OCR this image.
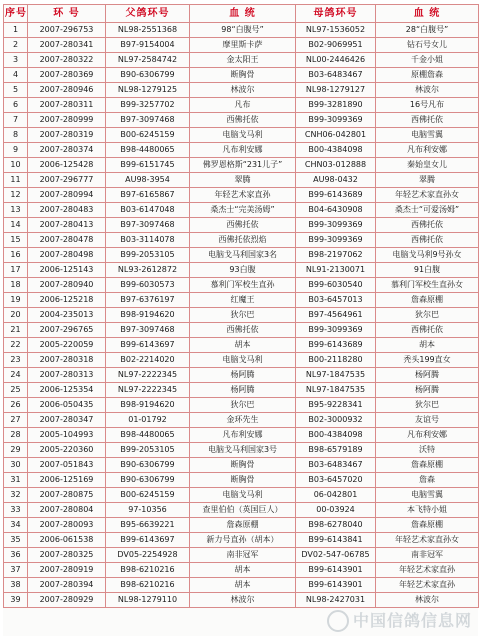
序号	环 号	父鸽环号	血 统	母鸽环号	血 统
1	2007-296753	NL98-2551368	98“白腹号”	NL97-1536052	28“白腹号”
2	2007-280341	B97-9154004	摩里斯卡萨	B02-9069951	钻石号女儿
3	2007-280322	NL97-2584742	金太阳王	NL00-2446426	千金小姐
4	2007-280369	B90-6306799	断胸骨	B03-6483467	原棚詹森
5	2007-280946	NL98-1279125	林波尔	NL98-1279127	林波尔
6	2007-280311	B99-3257702	凡布	B99-3281890	16号凡布
7	2007-280999	B97-3097468	西佛托依	B99-3099369	西佛托依
8	2007-280319	B00-6245159	电脑戈马利	CNH06-042801	电脑雪翼
9	2007-280374	B98-4480065	凡布利安娜	B00-4384098	凡布利安娜
10	2006-125428	B99-6151745	佛罗恩格斯“231儿子”	CHN03-012888	秦始皇女儿
11	2007-296777	AU98-3954	翠腾	AU98-0432	翠腾
12	2007-280994	B97-6165867	年轻艺术家直孙	B99-6143689	年轻艺术家直孙女
13	2007-280483	B03-6147048	桑杰士“完美汤姆”	B04-6430908	桑杰士“可爱汤姆”
14	2007-280413	B97-3097468	西佛托依	B99-3099369	西佛托依
15	2007-280478	B03-3114078	西佛托依烈焰	B99-3099369	西佛托依
16	2007-280498	B99-2053105	电脑戈马利国家3名	B98-2197062	电脑戈马利9号孙女
17	2006-125143	NL93-2612872	93白腹	NL91-2130071	91白腹
18	2007-280940	B99-6030573	慕利门军校生直孙	B99-6030540	慕利门军校生直孙女
19	2006-125218	B97-6376197	红魔王	B03-6457013	詹森原棚
20	2004-235013	B98-9194620	狄尔巴	B97-4564961	狄尔巴
21	2007-296765	B97-3097468	西佛托依	B99-3099369	西佛托依
22	2005-220059	B99-6143697	胡本	B99-6143689	胡本
23	2007-280318	B02-2214020	电脑戈马利	B00-2118280	秃头199直女
24	2007-280313	NL97-2222345	杨阿腾	NL97-1847535	杨阿腾
25	2006-125354	NL97-2222345	杨阿腾	NL97-1847535	杨阿腾
26	2006-050435	B98-9194620	狄尔巴	B95-9228341	狄尔巴
27	2007-280347	01-01792	金环先生	B02-3000932	友谊号
28	2005-104993	B98-4480065	凡布利安娜	B00-4384098	凡布利安娜
29	2005-220360	B99-2053105	电脑戈马利国家3号	B98-6579189	沃特
30	2007-051843	B90-6306799	断胸骨	B03-6483467	詹森原棚
31	2006-125169	B90-6306799	断胸骨	B03-6457020	詹森
32	2007-280875	B00-6245159	电脑戈马利	06-042801	电脑雪翼
33	2007-280804	97-10356	查里伯伯（英国巨人）	00-03924	本飞特小姐
34	2007-280093	B95-6639221	詹森原棚	B98-6278040	詹森原棚
35	2006-061538	B99-6143697	新力号直孙（胡本）	B99-6143841	年轻艺术家直孙女
36	2007-280325	DV05-2254928	南非冠军	DV02-547-06785	南非冠军
37	2007-280919	B98-6210216	胡本	B99-6143901	年轻艺术家直孙
38	2007-280394	B98-6210216	胡本	B99-6143901	年轻艺术家直孙
39	2007-280929	NL98-1279110	林波尔	NL98-2427031	林波尔
中国信鸽信息网
